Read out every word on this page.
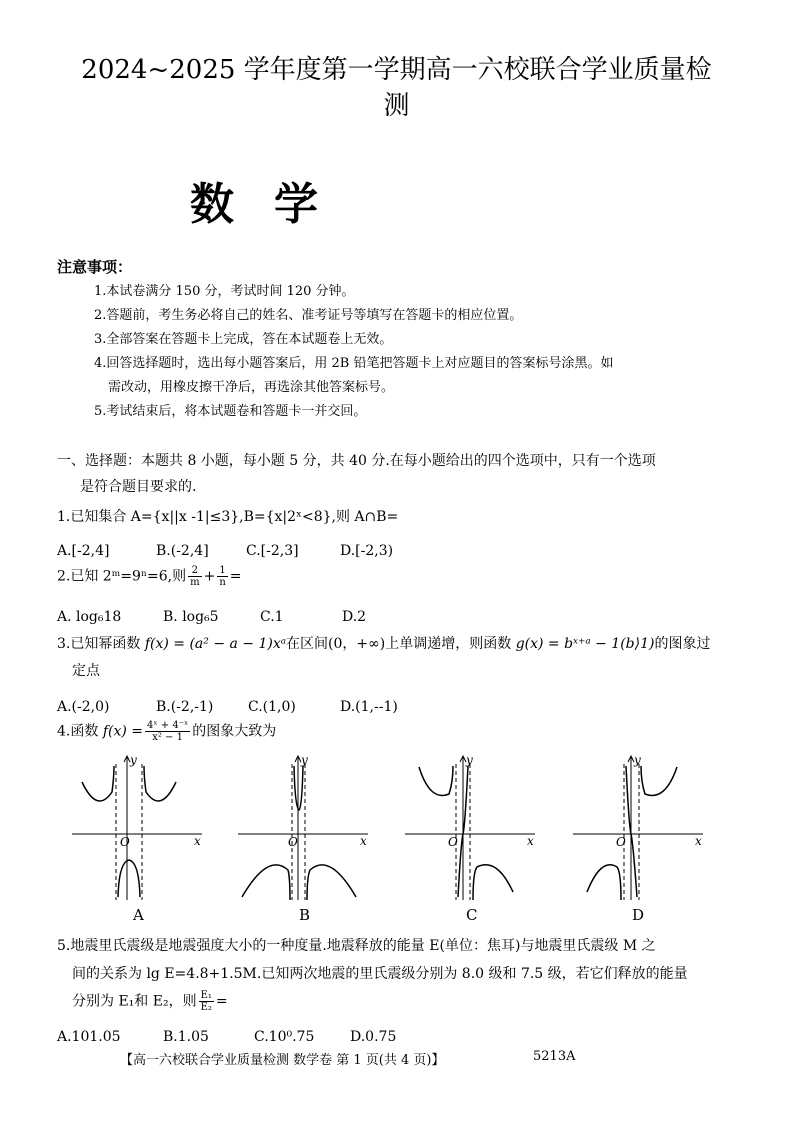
2024~2025 学年度第一学期高一六校联合学业质量检
测
数学
注意事项：
1.本试卷满分 150 分，考试时间 120 分钟。
2.答题前，考生务必将自己的姓名、准考证号等填写在答题卡的相应位置。
3.全部答案在答题卡上完成，答在本试题卷上无效。
4.回答选择题时，选出每小题答案后，用 2B 铅笔把答题卡上对应题目的答案标号涂黑。如
需改动，用橡皮擦干净后，再选涂其他答案标号。
5.考试结束后，将本试题卷和答题卡一并交回。
一、选择题：本题共 8 小题，每小题 5 分，共 40 分.在每小题给出的四个选项中，只有一个选项
是符合题目要求的.
1.已知集合 A={x||x -1|≤3},B={x|2ˣ<8},则 A∩B=
A.[-2,4]	B.(-2,4]	C.[-2,3]	D.[-2,3)
2.已知 2ᵐ=9ⁿ=6,则 $\frac{2}{m} + \frac{1}{n}$ =
A. log₆18	B. log₆5	C.1	D.2
3.已知幂函数 f(x) = (a² − a − 1)xᵃ在区间(0，+∞)上单调递增，则函数 g(x) = bˣ⁺ᵃ − 1(b⟩1)的图象过
定点
A.(-2,0)	B.(-2,-1) C.(1,0)	D.(1,--1)
4.函数 $f(x) = \frac{\text{4ˣ + 4⁻ˣ}}{\text{x² − 1}}$ 的图象大致为
x
y
O
A
x
y
O
B
x
y
O
C
x
y
O
D
5.地震里氏震级是地震强度大小的一种度量.地震释放的能量 E(单位：焦耳)与地震里氏震级 M 之
间的关系为 lg E=4.8+1.5M.已知两次地震的里氏震级分别为 8.0 级和 7.5 级，若它们释放的能量
分别为 E₁和 E₂，则 $\frac{\text{E₁}}{\text{E₂}}$ =
A.101.05	B.1.05	C.10⁰.75	D.0.75
【高一六校联合学业质量检测 数学卷 第 1 页(共 4 页)】	5213A
